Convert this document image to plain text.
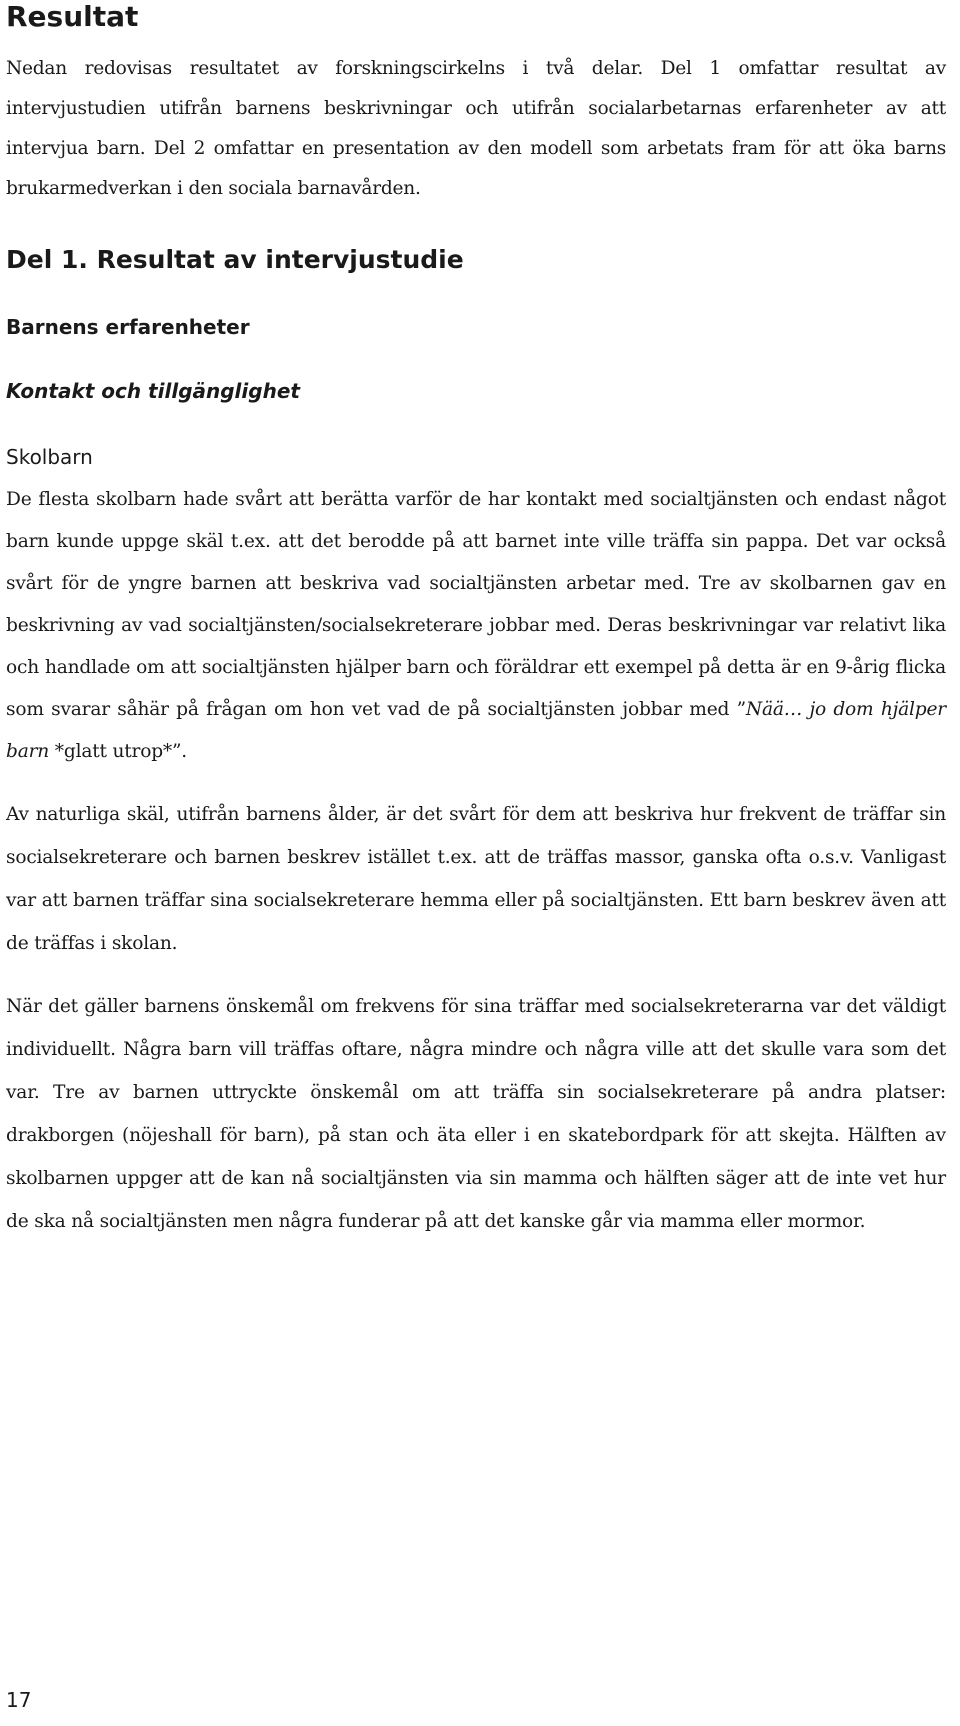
Resultat

Nedan redovisas resultatet av forskningscirkelns i två delar. Del 1 omfattar resultat av intervjustudien utifrån barnens beskrivningar och utifrån socialarbetarnas erfarenheter av att intervjua barn. Del 2 omfattar en presentation av den modell som arbetats fram för att öka barns brukarmedverkan i den sociala barnavården.

Del 1. Resultat av intervjustudie
Barnens erfarenheter
Kontakt och tillgänglighet
Skolbarn

De flesta skolbarn hade svårt att berätta varför de har kontakt med socialtjänsten och endast något barn kunde uppge skäl t.ex. att det berodde på att barnet inte ville träffa sin pappa. Det var också svårt för de yngre barnen att beskriva vad socialtjänsten arbetar med. Tre av skolbarnen gav en beskrivning av vad socialtjänsten/socialsekreterare jobbar med. Deras beskrivningar var relativt lika och handlade om att socialtjänsten hjälper barn och föräldrar ett exempel på detta är en 9-årig flicka som svarar såhär på frågan om hon vet vad de på socialtjänsten jobbar med ”Nää… jo dom hjälper barn *glatt utrop*”.

Av naturliga skäl, utifrån barnens ålder, är det svårt för dem att beskriva hur frekvent de träffar sin socialsekreterare och barnen beskrev istället t.ex. att de träffas massor, ganska ofta o.s.v. Vanligast var att barnen träffar sina socialsekreterare hemma eller på socialtjänsten. Ett barn beskrev även att de träffas i skolan.

När det gäller barnens önskemål om frekvens för sina träffar med socialsekreterarna var det väldigt individuellt. Några barn vill träffas oftare, några mindre och några ville att det skulle vara som det var. Tre av barnen uttryckte önskemål om att träffa sin socialsekreterare på andra platser: drakborgen (nöjeshall för barn), på stan och äta eller i en skatebordpark för att skejta. Hälften av skolbarnen uppger att de kan nå socialtjänsten via sin mamma och hälften säger att de inte vet hur de ska nå socialtjänsten men några funderar på att det kanske går via mamma eller mormor.

17
